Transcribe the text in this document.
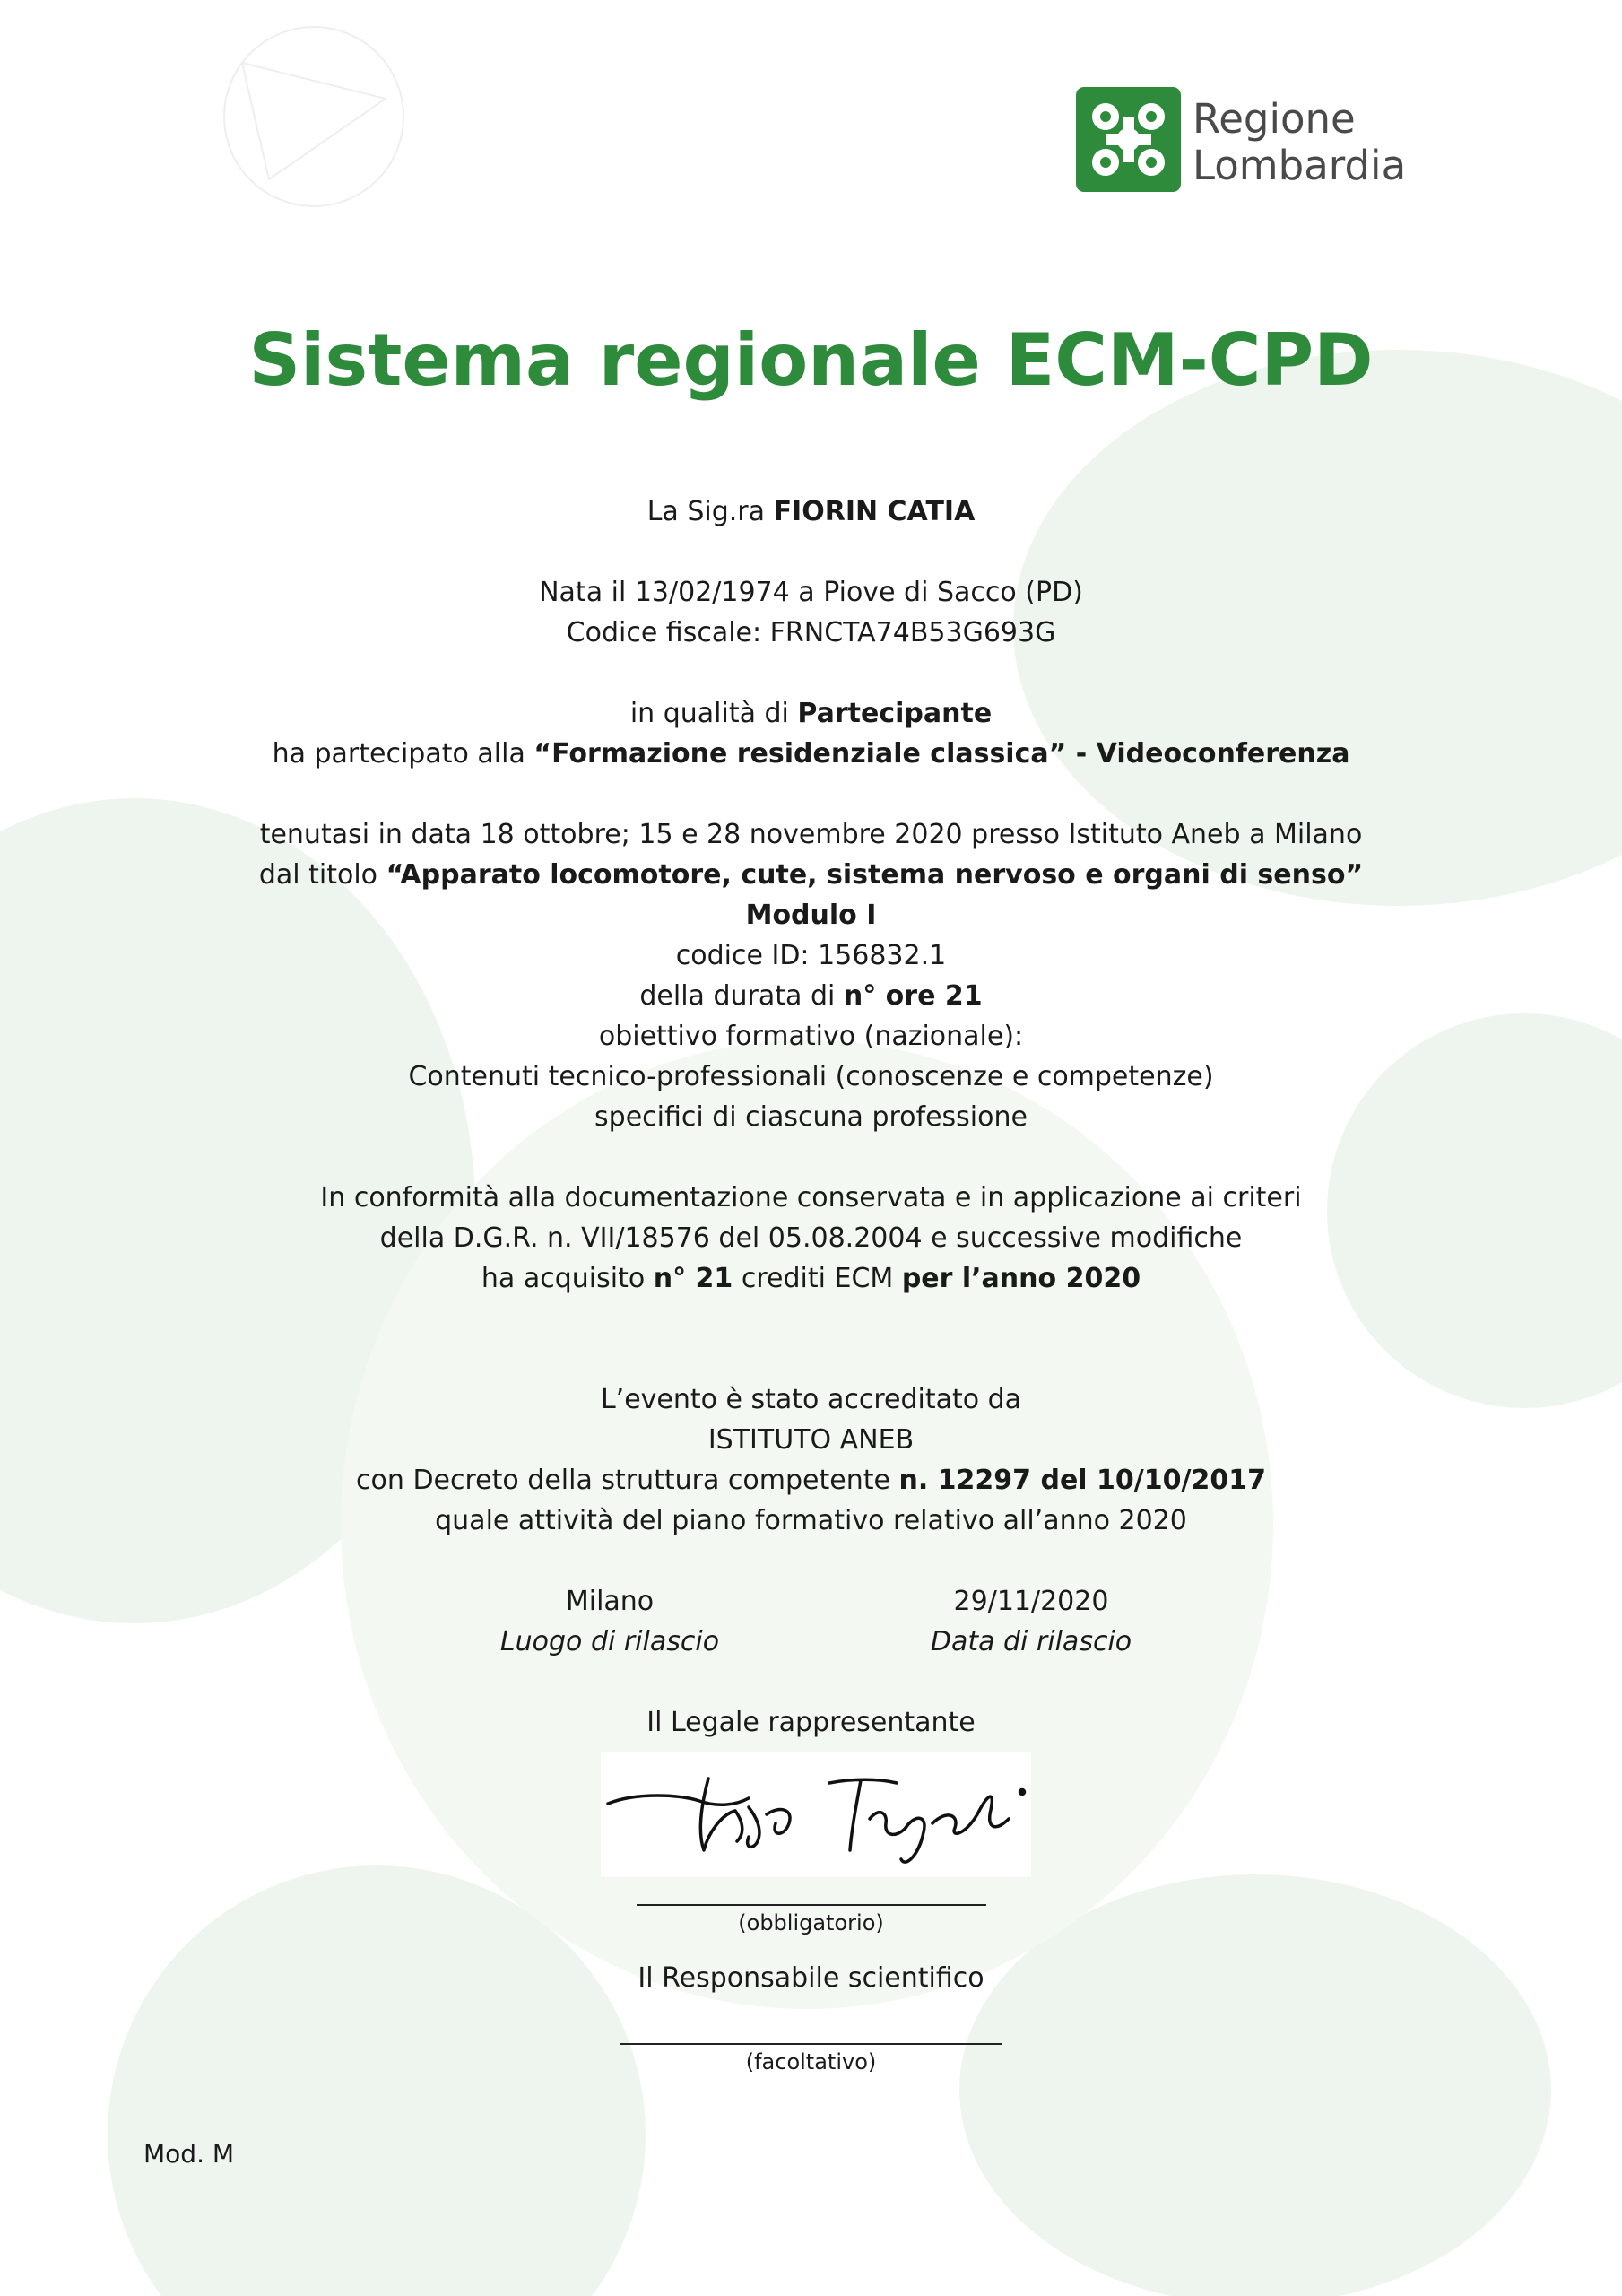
Regione
Lombardia
Sistema regionale ECM-CPD
La Sig.ra FIORIN CATIA
Nata il 13/02/1974 a Piove di Sacco (PD)
Codice fiscale: FRNCTA74B53G693G
in qualità di Partecipante
ha partecipato alla “Formazione residenziale classica” - Videoconferenza
tenutasi in data 18 ottobre; 15 e 28 novembre 2020 presso Istituto Aneb a Milano
dal titolo “Apparato locomotore, cute, sistema nervoso e organi di senso”
Modulo I
codice ID: 156832.1
della durata di n° ore 21
obiettivo formativo (nazionale):
Contenuti tecnico-professionali (conoscenze e competenze)
specifici di ciascuna professione
In conformità alla documentazione conservata e in applicazione ai criteri
della D.G.R. n. VII/18576 del 05.08.2004 e successive modifiche
ha acquisito n° 21 crediti ECM per l’anno 2020
L’evento è stato accreditato da
ISTITUTO ANEB
con Decreto della struttura competente n. 12297 del 10/10/2017
quale attività del piano formativo relativo all’anno 2020
Milano
Luogo di rilascio
29/11/2020
Data di rilascio
Il Legale rappresentante
(obbligatorio)
Il Responsabile scientifico
(facoltativo)
Mod. M
